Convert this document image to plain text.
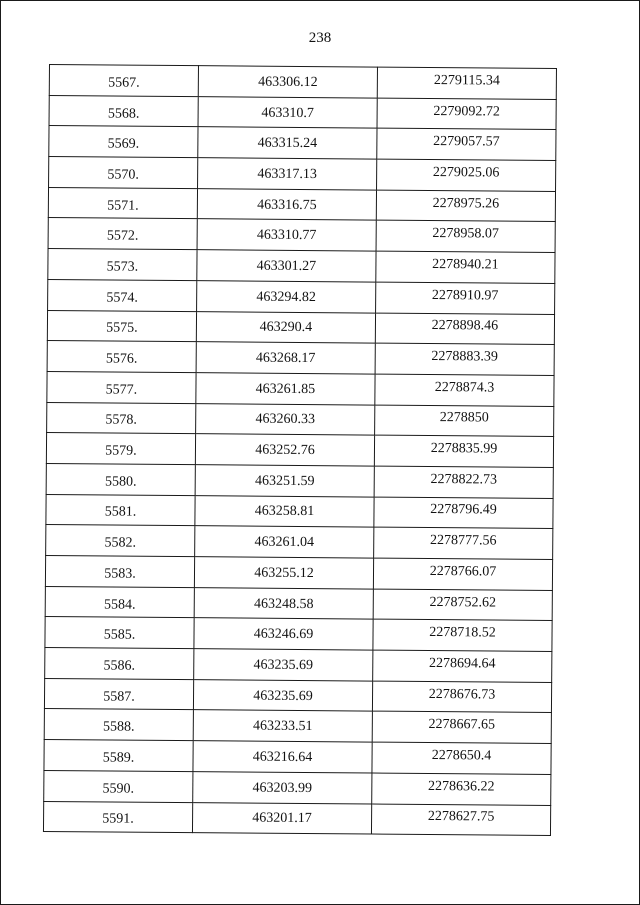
238
5567.	463306.12	2279115.34
5568.	463310.7	2279092.72
5569.	463315.24	2279057.57
5570.	463317.13	2279025.06
5571.	463316.75	2278975.26
5572.	463310.77	2278958.07
5573.	463301.27	2278940.21
5574.	463294.82	2278910.97
5575.	463290.4	2278898.46
5576.	463268.17	2278883.39
5577.	463261.85	2278874.3
5578.	463260.33	2278850
5579.	463252.76	2278835.99
5580.	463251.59	2278822.73
5581.	463258.81	2278796.49
5582.	463261.04	2278777.56
5583.	463255.12	2278766.07
5584.	463248.58	2278752.62
5585.	463246.69	2278718.52
5586.	463235.69	2278694.64
5587.	463235.69	2278676.73
5588.	463233.51	2278667.65
5589.	463216.64	2278650.4
5590.	463203.99	2278636.22
5591.	463201.17	2278627.75
